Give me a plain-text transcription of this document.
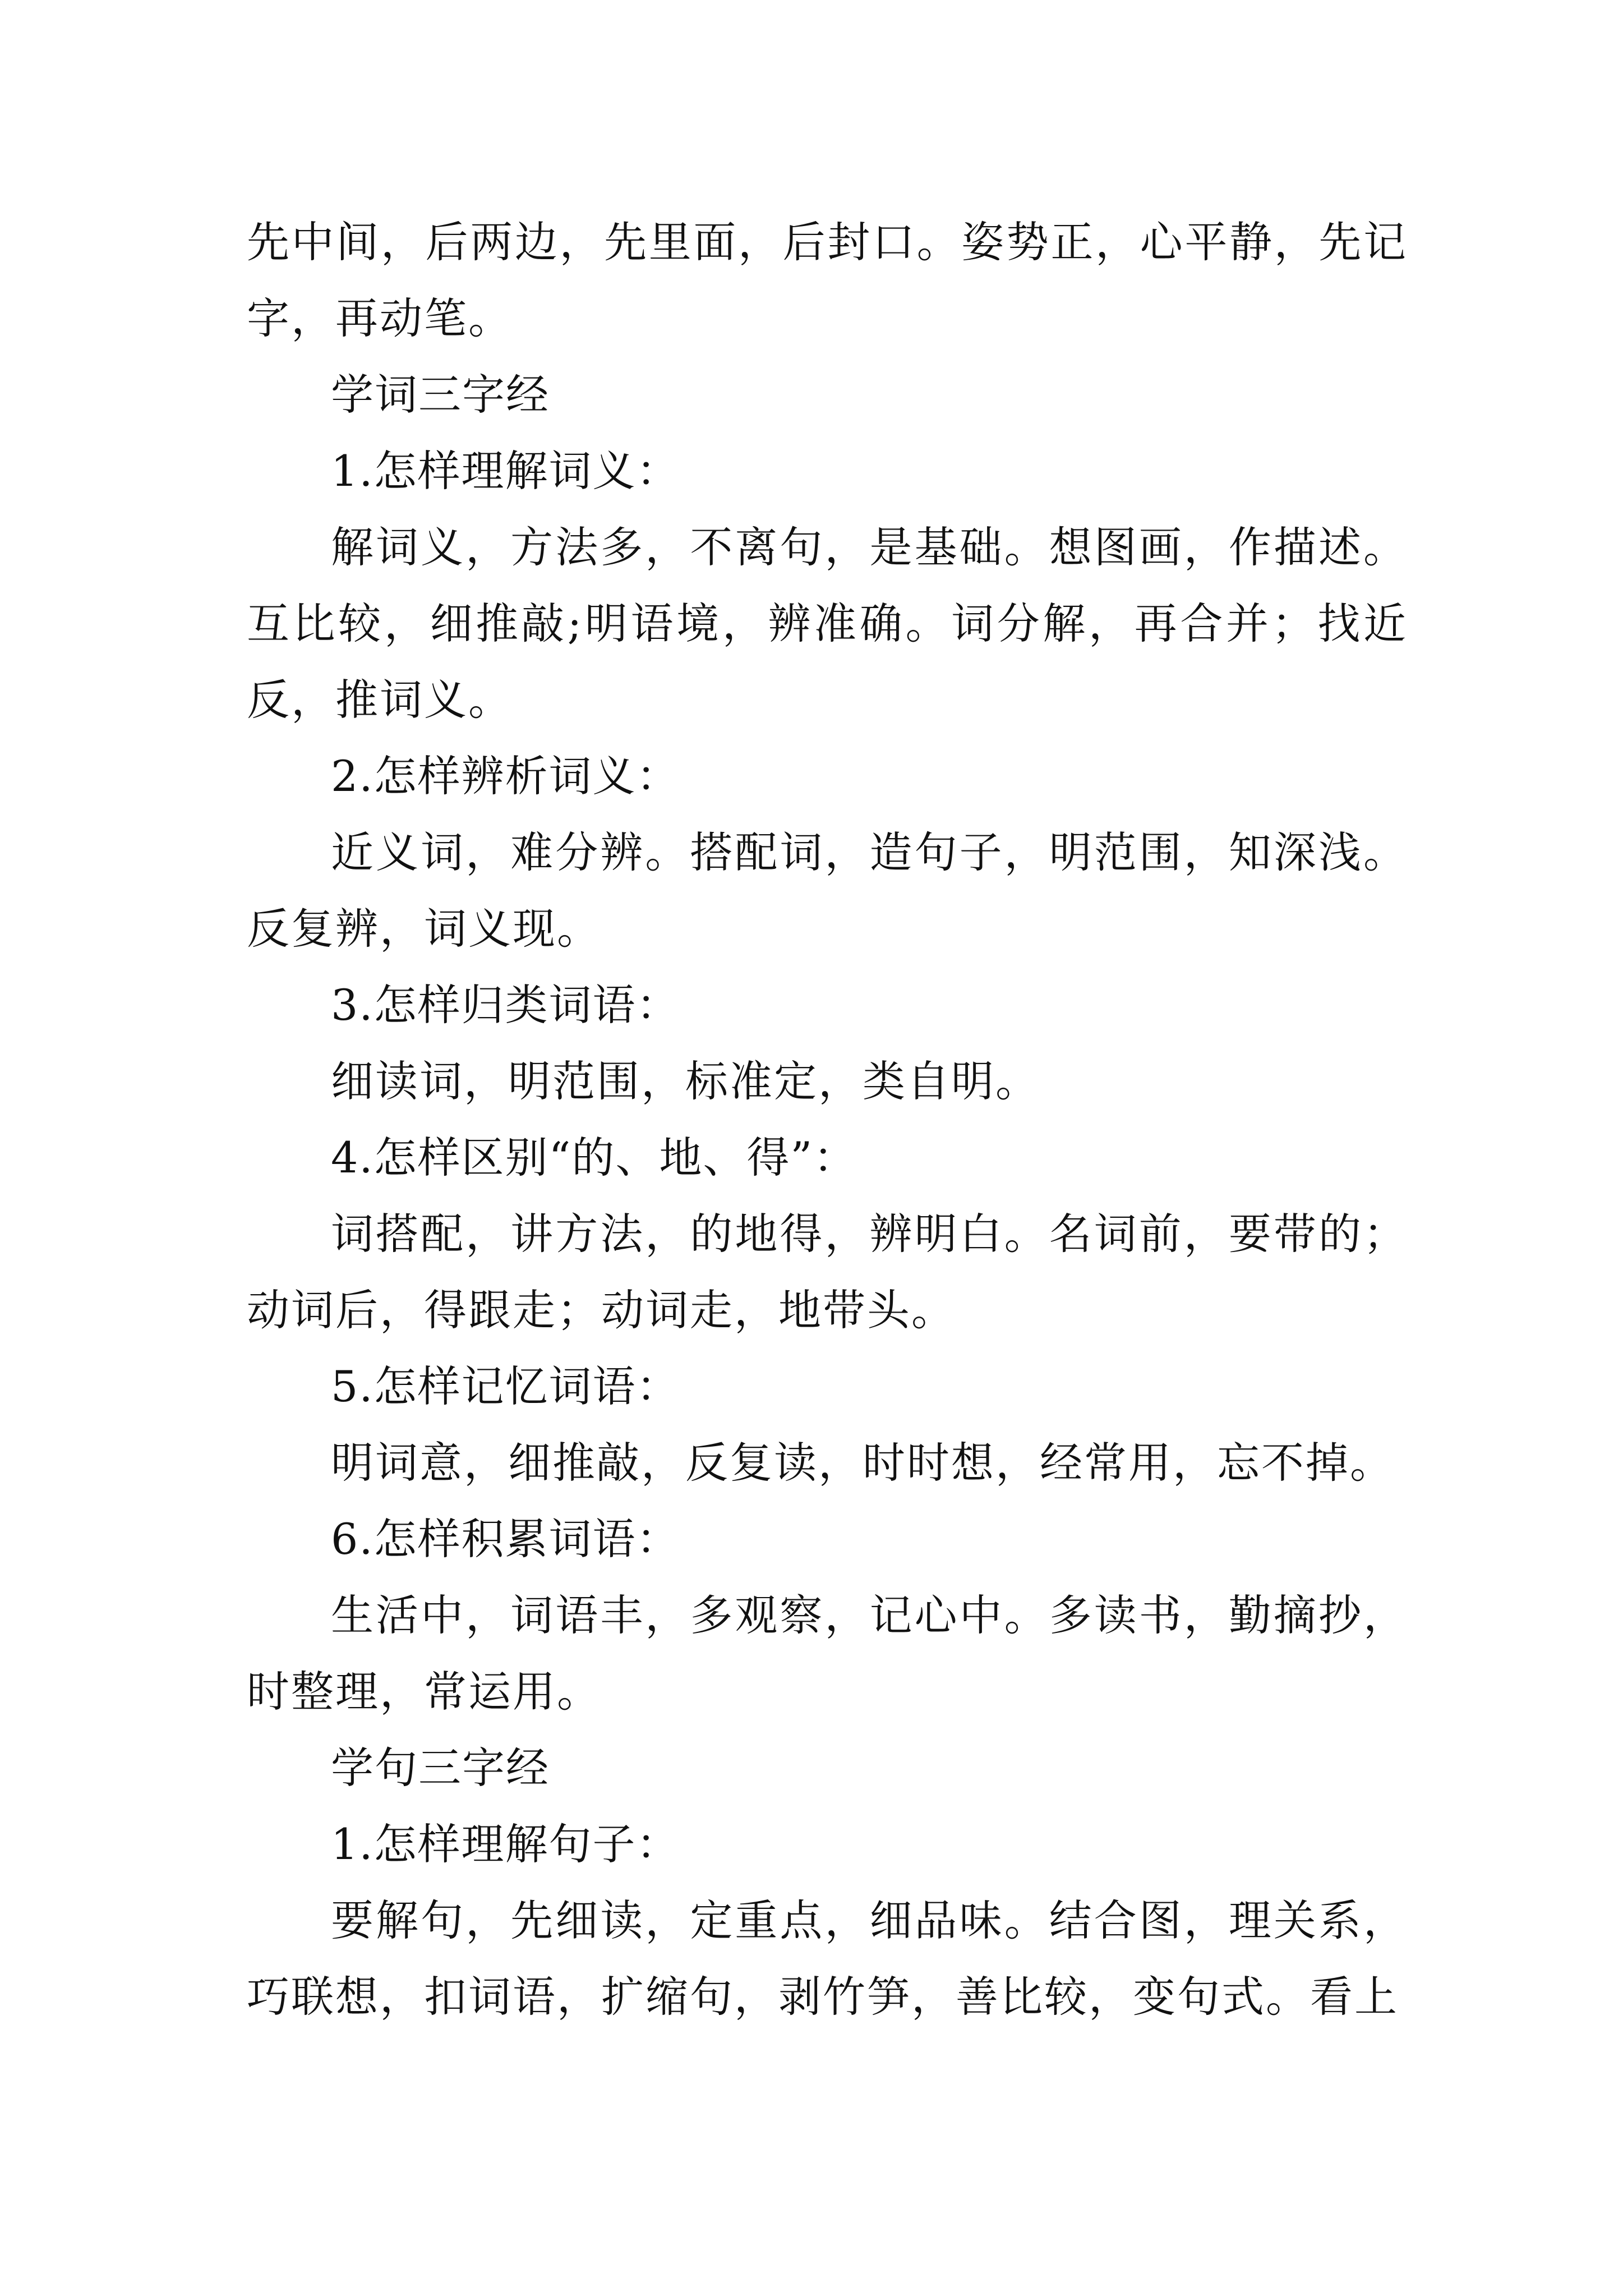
先中间，后两边，先里面，后封口。姿势正，心平静，先记字，再动笔。

学词三字经

1.怎样理解词义：

解词义，方法多，不离句，是基础。想图画，作描述。互比较，细推敲;明语境，辨准确。词分解，再合并；找近反，推词义。

2.怎样辨析词义：

近义词，难分辨。搭配词，造句子，明范围，知深浅。反复辨，词义现。

3.怎样归类词语：

细读词，明范围，标准定，类自明。

4.怎样区别“的、地、得”：

词搭配，讲方法，的地得，辨明白。名词前，要带的；动词后，得跟走；动词走，地带头。

5.怎样记忆词语：

明词意，细推敲，反复读，时时想，经常用，忘不掉。

6.怎样积累词语：

生活中，词语丰，多观察，记心中。多读书，勤摘抄，时整理，常运用。

学句三字经

1.怎样理解句子：

要解句，先细读，定重点，细品味。结合图，理关系，巧联想，扣词语，扩缩句，剥竹笋，善比较，变句式。看上
